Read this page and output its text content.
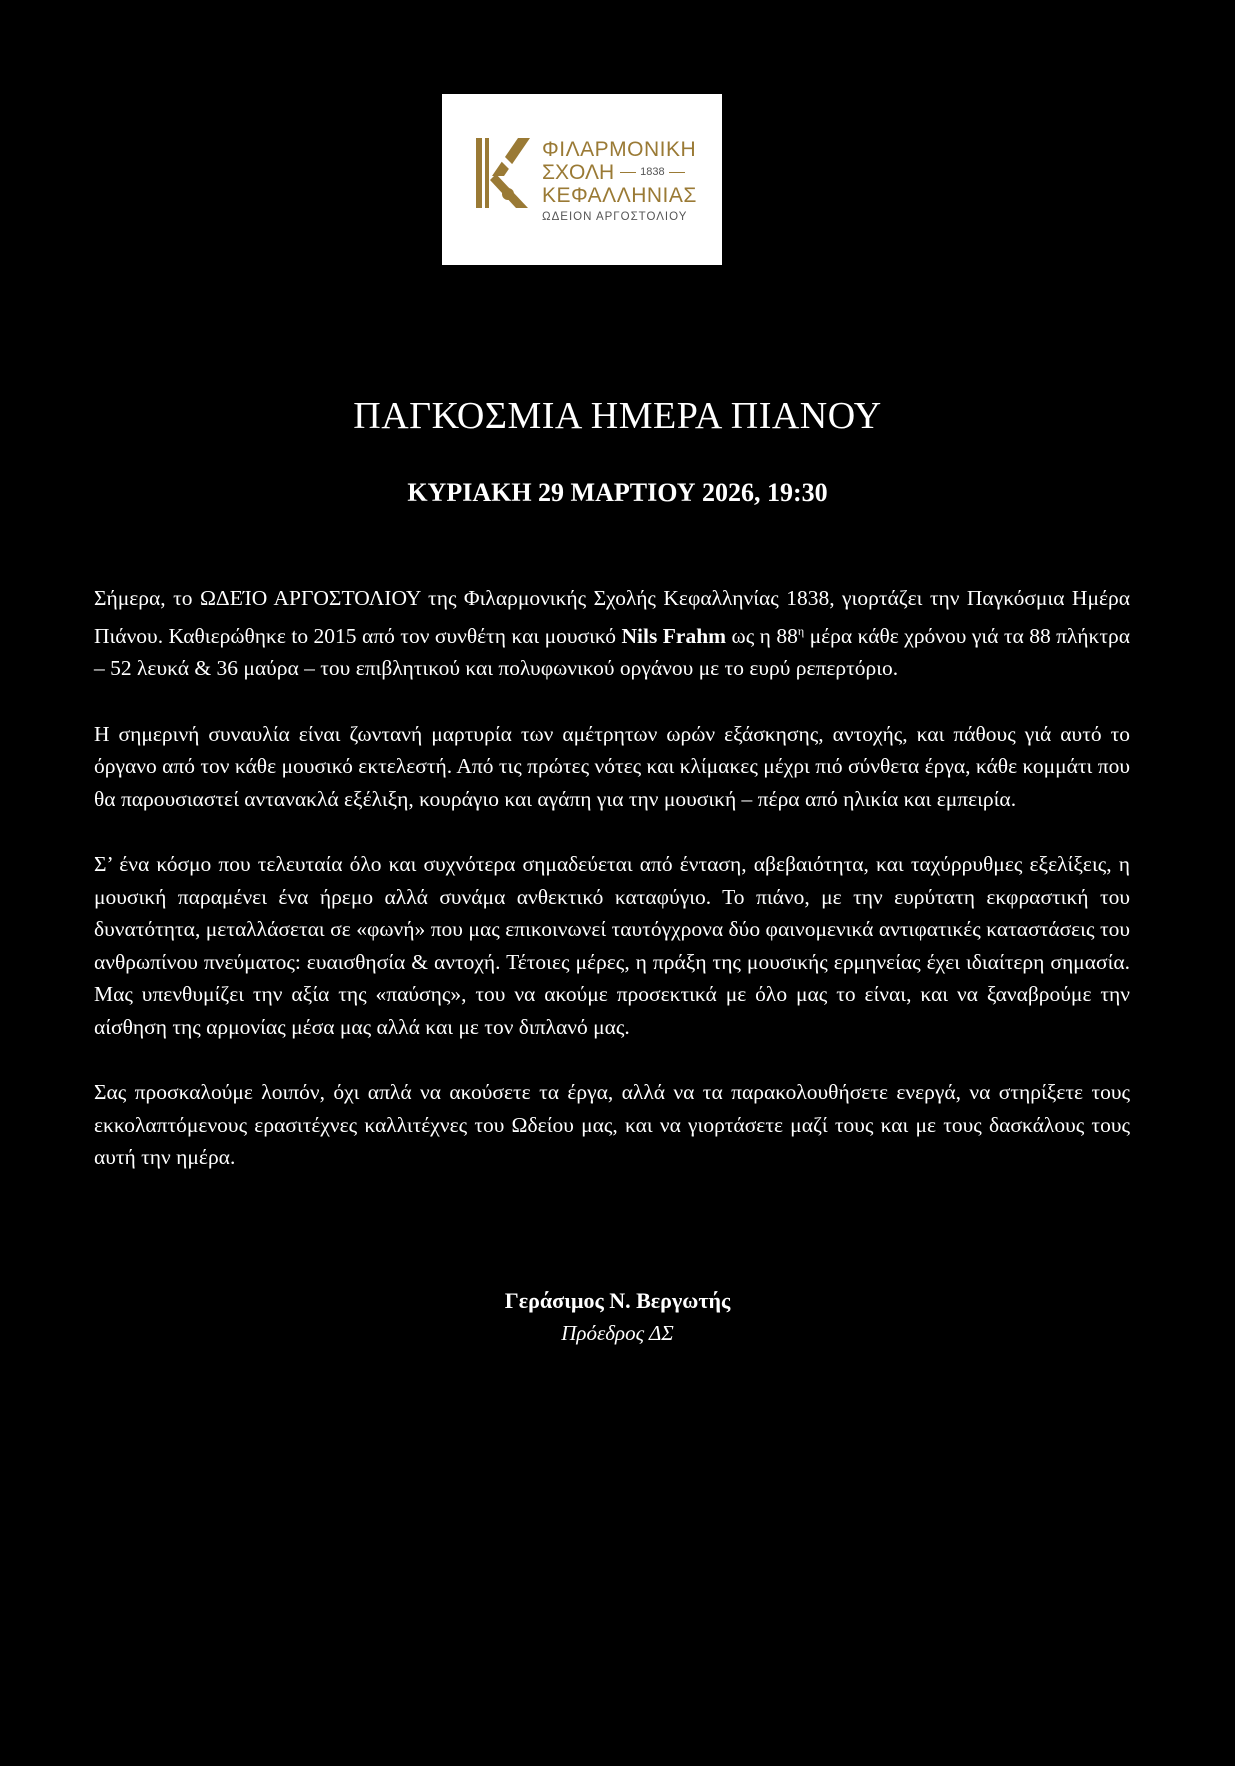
ΦΙΛΑΡΜΟΝΙΚΗ
ΣΧΟΛΗ 1838
ΚΕΦΑΛΛΗΝΙΑΣ
ΩΔΕΙΟΝ ΑΡΓΟΣΤΟΛΙΟΥ
ΠΑΓΚΟΣΜΙΑ ΗΜΕΡΑ ΠΙΑΝΟΥ
ΚΥΡΙΑΚΗ 29 ΜΑΡΤΙΟΥ 2026, 19:30

Σήμερα, το ΩΔΕΊΟ ΑΡΓΟΣΤΟΛΙΟΥ της Φιλαρμονικής Σχολής Κεφαλληνίας 1838, γιορτάζει την Παγκόσμια Ημέρα Πιάνου. Καθιερώθηκε to 2015 από τον συνθέτη και μουσικό Nils Frahm ως η $88^\eta$ μέρα κάθε χρόνου γιά τα 88 πλήκτρα – 52 λευκά & 36 μαύρα – του επιβλητικού και πολυφωνικού οργάνου με το ευρύ ρεπερτόριο.

Η σημερινή συναυλία είναι ζωντανή μαρτυρία των αμέτρητων ωρών εξάσκησης, αντοχής, και πάθους γιά αυτό το όργανο από τον κάθε μουσικό εκτελεστή. Από τις πρώτες νότες και κλίμακες μέχρι πιό σύνθετα έργα, κάθε κομμάτι που θα παρουσιαστεί αντανακλά εξέλιξη, κουράγιο και αγάπη για την μουσική – πέρα από ηλικία και εμπειρία.

Σ’ ένα κόσμο που τελευταία όλο και συχνότερα σημαδεύεται από ένταση, αβεβαιότητα, και ταχύρρυθμες εξελίξεις, η μουσική παραμένει ένα ήρεμο αλλά συνάμα ανθεκτικό καταφύγιο. Το πιάνο, με την ευρύτατη εκφραστική του δυνατότητα, μεταλλάσεται σε «φωνή» που μας επικοινωνεί ταυτόγχρονα δύο φαινομενικά αντιφατικές καταστάσεις του ανθρωπίνου πνεύματος: ευαισθησία & αντοχή. Τέτοιες μέρες, η πράξη της μουσικής ερμηνείας έχει ιδιαίτερη σημασία. Μας υπενθυμίζει την αξία της «παύσης», του να ακούμε προσεκτικά με όλο μας το είναι, και να ξαναβρούμε την αίσθηση της αρμονίας μέσα μας αλλά και με τον διπλανό μας.

Σας προσκαλούμε λοιπόν, όχι απλά να ακούσετε τα έργα, αλλά να τα παρακολουθήσετε ενεργά, να στηρίξετε τους εκκολαπτόμενους ερασιτέχνες καλλιτέχνες του Ωδείου μας, και να γιορτάσετε μαζί τους και με τους δασκάλους τους αυτή την ημέρα.

Γεράσιμος Ν. Βεργωτής
Πρόεδρος ΔΣ
